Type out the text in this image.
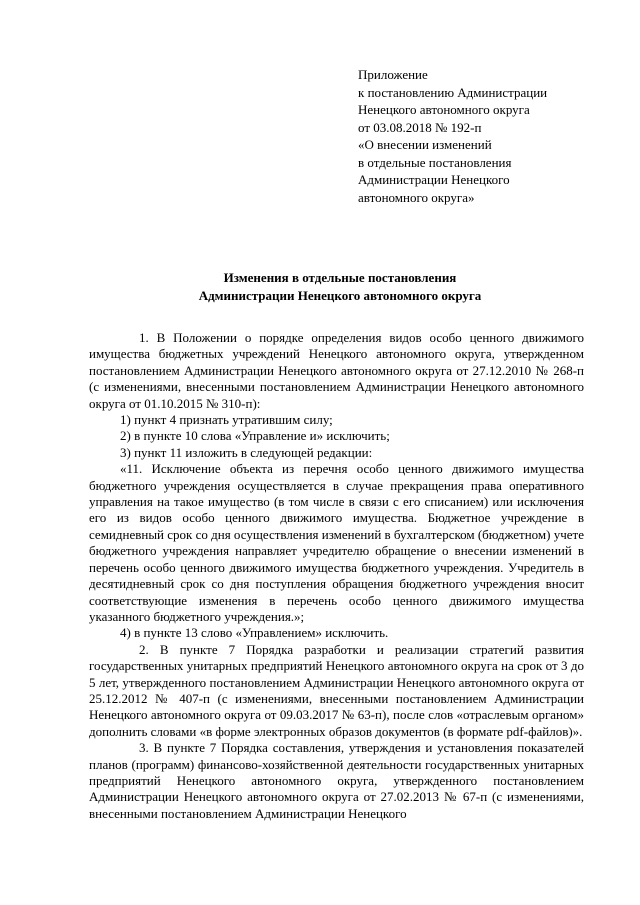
Приложение
к постановлению Администрации
Ненецкого автономного округа
от 03.08.2018 № 192-п
«О внесении изменений
в отдельные постановления
Администрации Ненецкого
автономного округа»
Изменения в отдельные постановления
Администрации Ненецкого автономного округа

1. В Положении о порядке определения видов особо ценного движимого имущества бюджетных учреждений Ненецкого автономного округа, утвержденном постановлением Администрации Ненецкого автономного округа от 27.12.2010 № 268-п (с изменениями, внесенными постановлением Администрации Ненецкого автономного округа от 01.10.2015 № 310-п):

1) пункт 4 признать утратившим силу;

2) в пункте 10 слова «Управление и» исключить;

3) пункт 11 изложить в следующей редакции:

«11. Исключение объекта из перечня особо ценного движимого имущества бюджетного учреждения осуществляется в случае прекращения права оперативного управления на такое имущество (в том числе в связи с его списанием) или исключения его из видов особо ценного движимого имущества. Бюджетное учреждение в семидневный срок со дня осуществления изменений в бухгалтерском (бюджетном) учете бюджетного учреждения направляет учредителю обращение о внесении изменений в перечень особо ценного движимого имущества бюджетного учреждения. Учредитель в десятидневный срок со дня поступления обращения бюджетного учреждения вносит соответствующие изменения в перечень особо ценного движимого имущества указанного бюджетного учреждения.»;

4) в пункте 13 слово «Управлением» исключить.

2. В пункте 7 Порядка разработки и реализации стратегий развития государственных унитарных предприятий Ненецкого автономного округа на срок от 3 до 5 лет, утвержденного постановлением Администрации Ненецкого автономного округа от 25.12.2012 № 407-п (с изменениями, внесенными постановлением Администрации Ненецкого автономного округа от 09.03.2017 № 63-п), после слов «отраслевым органом» дополнить словами «в форме электронных образов документов (в формате pdf-файлов)».

3. В пункте 7 Порядка составления, утверждения и установления показателей планов (программ) финансово-хозяйственной деятельности государственных унитарных предприятий Ненецкого автономного округа, утвержденного постановлением Администрации Ненецкого автономного округа от 27.02.2013 № 67-п (с изменениями, внесенными постановлением Администрации Ненецкого
